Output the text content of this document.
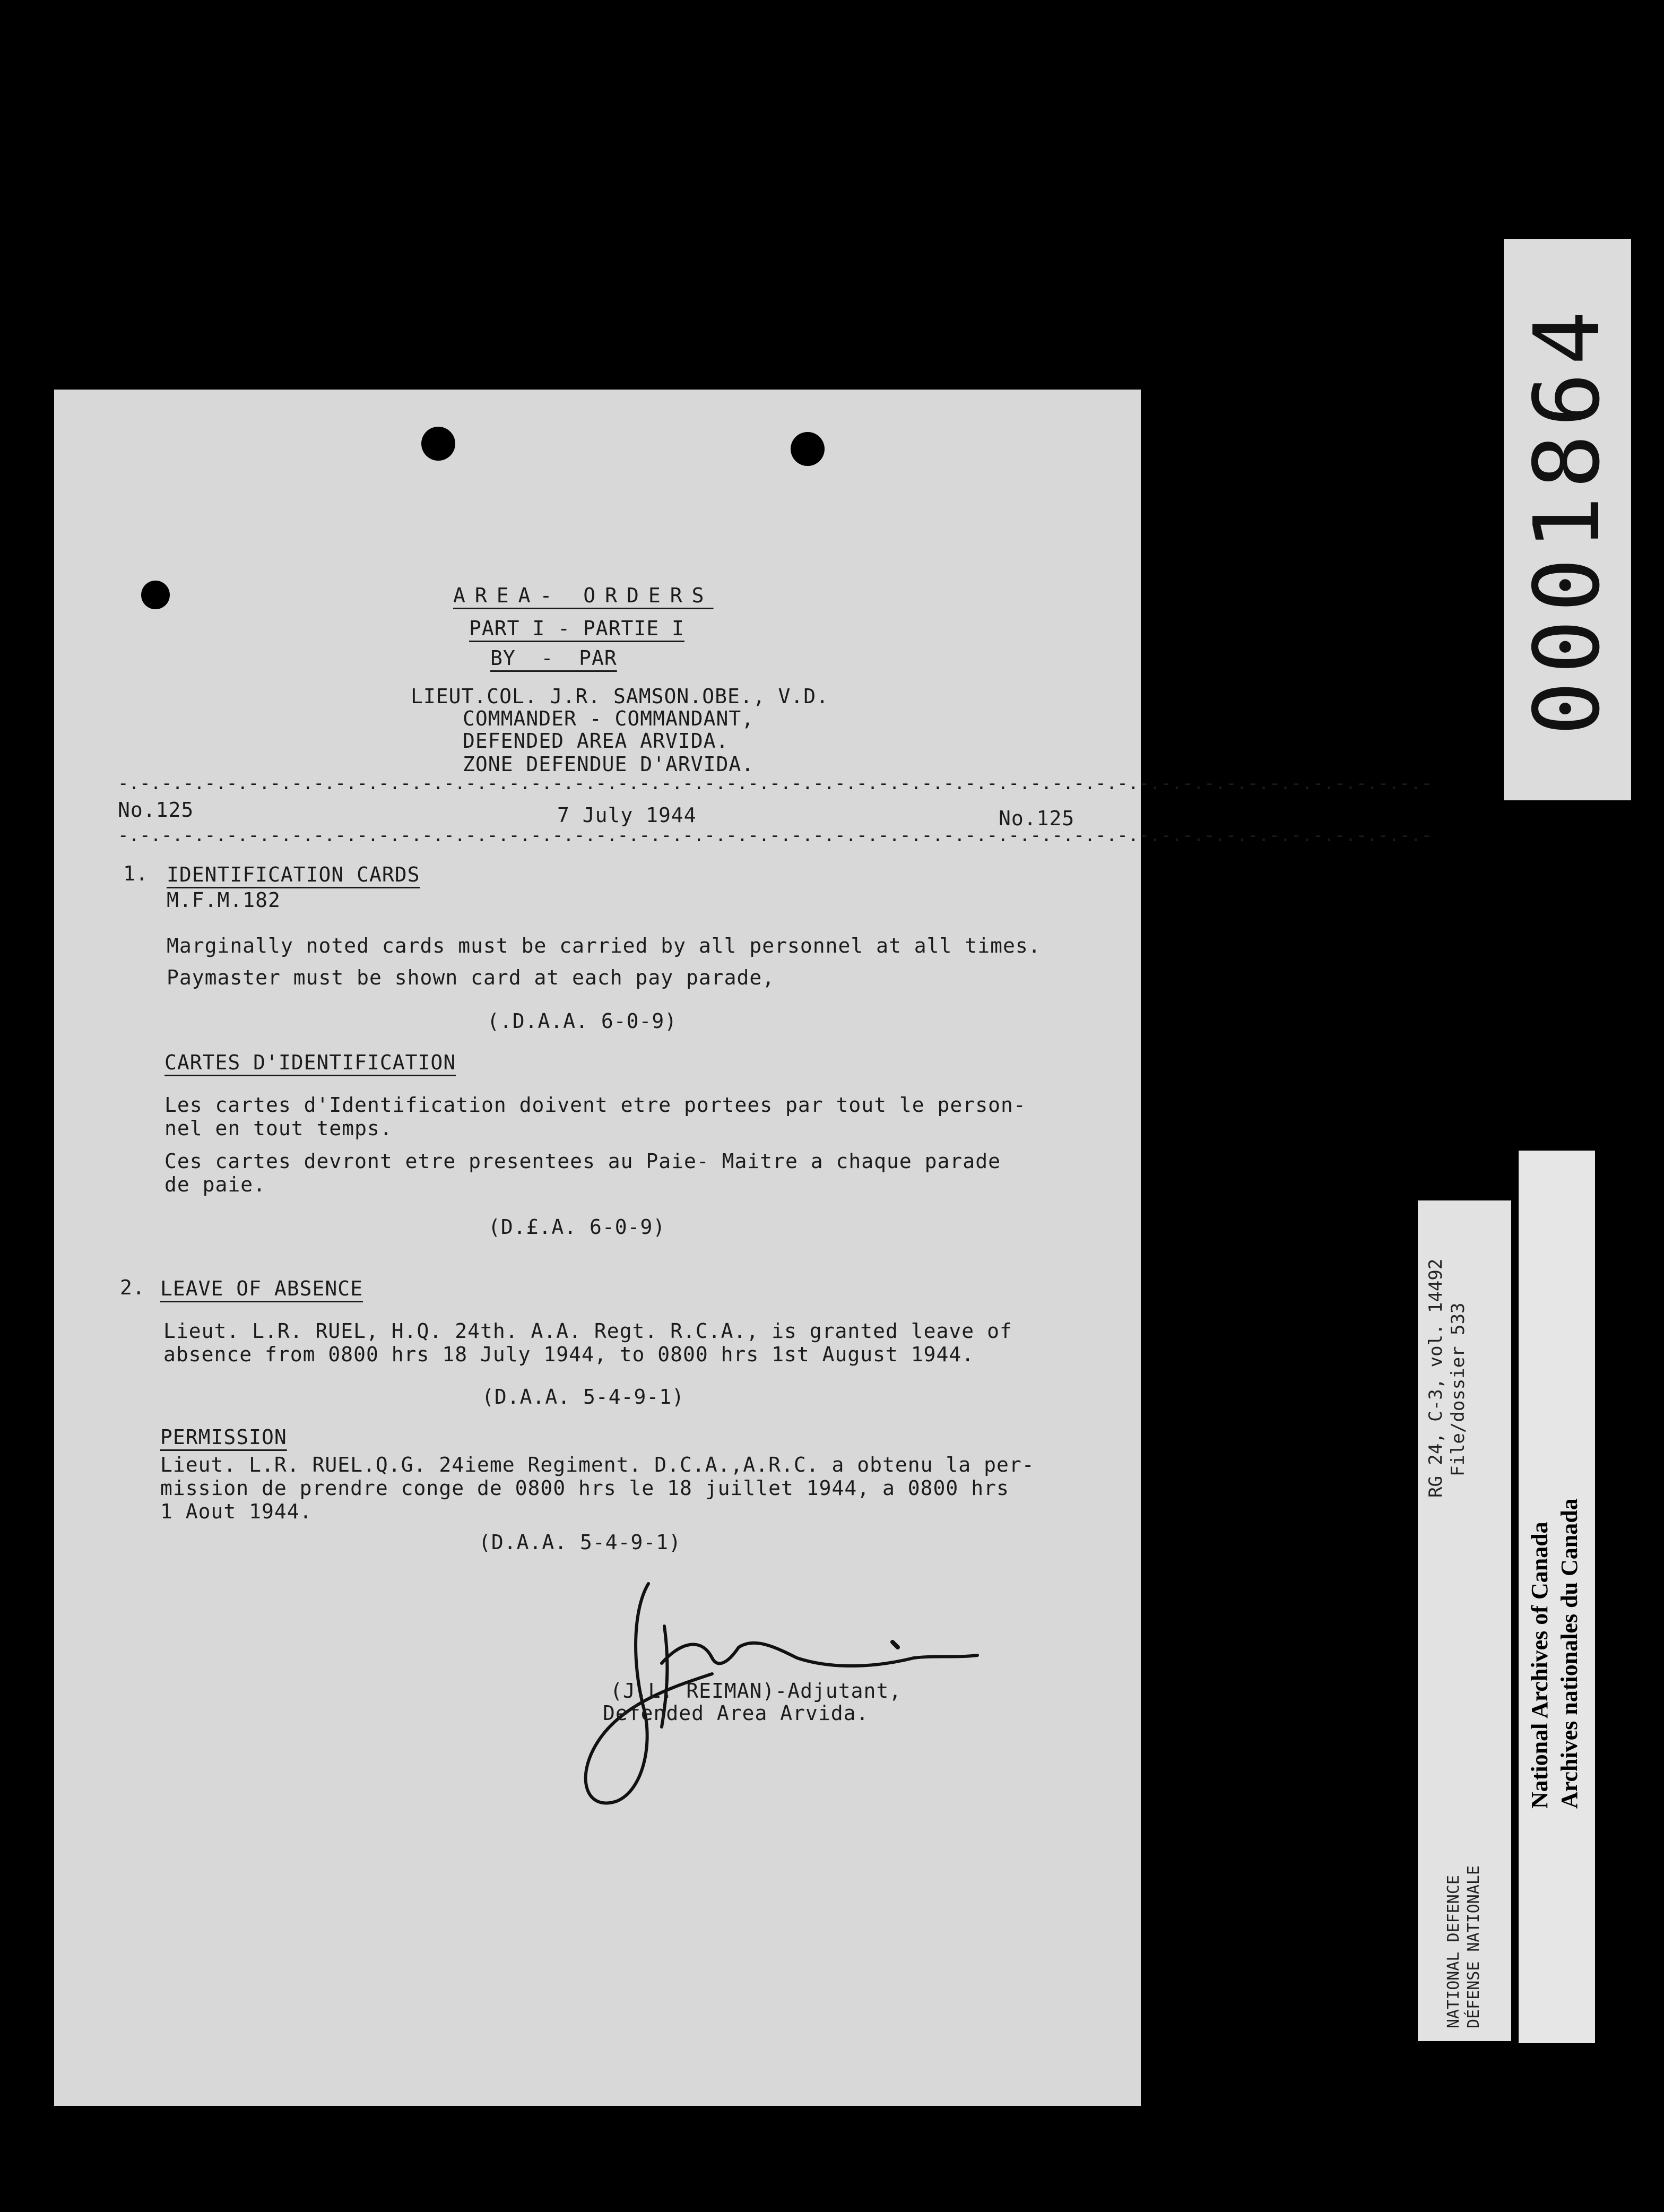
AREA- ORDERS
PART I - PARTIE I
BY  -  PAR
LIEUT.COL. J.R. SAMSON.OBE., V.D.
COMMANDER - COMMANDANT,
DEFENDED AREA ARVIDA.
ZONE DEFENDUE D'ARVIDA.
-.-.-.-.-.-.-.-.-.-.-.-.-.-.-.-.-.-.-.-.-.-.-.-.-.-.-.-.-.-.-.-.-.-.-.-.-.-.-.-.-.-.-.-.-.-.-.-.-.-.-.-.-.-.-.-.-.-.-.-.-
No.125	7 July 1944	No.125
-.-.-.-.-.-.-.-.-.-.-.-.-.-.-.-.-.-.-.-.-.-.-.-.-.-.-.-.-.-.-.-.-.-.-.-.-.-.-.-.-.-.-.-.-.-.-.-.-.-.-.-.-.-.-.-.-.-.-.-.-
1. IDENTIFICATION CARDS
M.F.M.182
Marginally noted cards must be carried by all personnel at all times.
Paymaster must be shown card at each pay parade,
(.D.A.A. 6-0-9)
CARTES D'IDENTIFICATION
Les cartes d'Identification doivent etre portees par tout le person-
nel en tout temps.
Ces cartes devront etre presentees au Paie- Maitre a chaque parade
de paie.
(D.£.A. 6-0-9)
2. LEAVE OF ABSENCE
Lieut. L.R. RUEL, H.Q. 24th. A.A. Regt. R.C.A., is granted leave of
absence from 0800 hrs 18 July 1944, to 0800 hrs 1st August 1944.
(D.A.A. 5-4-9-1)
PERMISSION
Lieut. L.R. RUEL.Q.G. 24ieme Regiment. D.C.A.,A.R.C. a obtenu la per-
mission de prendre conge de 0800 hrs le 18 juillet 1944, a 0800 hrs
1 Aout 1944.
(D.A.A. 5-4-9-1)
(J.L. REIMAN)-Adjutant,
Defended Area Arvida.
0001864
RG 24, C-3, vol. 14492 File/dossier 533
NATIONAL DEFENCE DÉFENSE NATIONALE
National Archives of Canada Archives nationales du Canada
